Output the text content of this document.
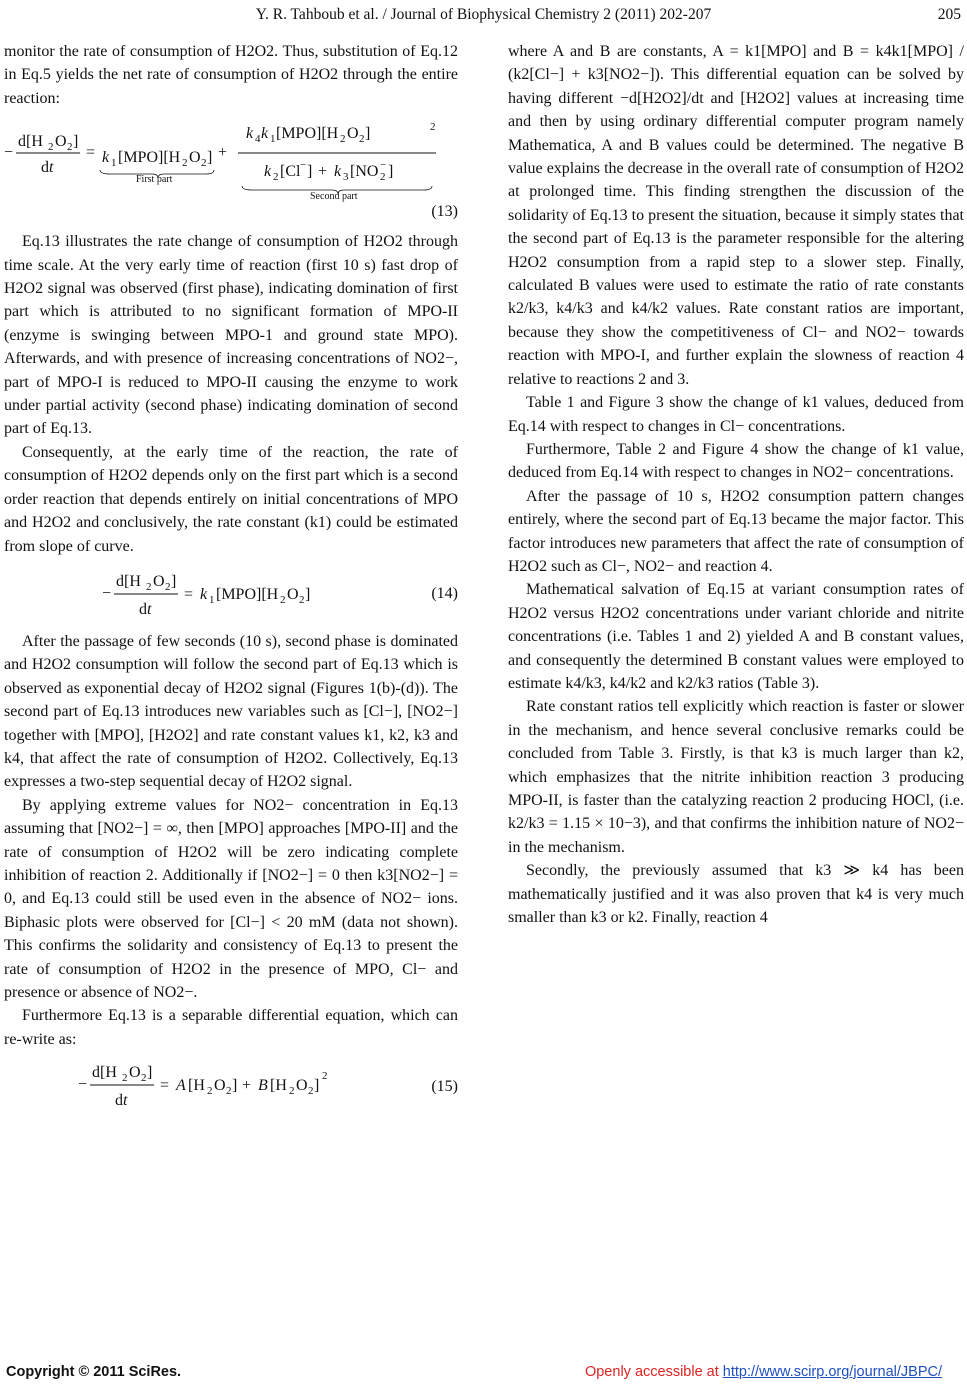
Y. R. Tahboub et al. / Journal of Biophysical Chemistry 2 (2011) 202-207	205

monitor the rate of consumption of H2O2. Thus, substitution of Eq.12 in Eq.5 yields the net rate of consumption of H2O2 through the entire reaction:

−
d[H 2 O 2 ]
dt
= k 1 [MPO][H 2 O 2 ] +
k 4 k 1 [MPO][H 2 O 2 ]	2
k 2 [Cl − ] + k 3 [NO 2
− ]
First part
Second part
(13)

Eq.13 illustrates the rate change of consumption of H2O2 through time scale. At the very early time of reaction (first 10 s) fast drop of H2O2 signal was observed (first phase), indicating domination of first part which is attributed to no significant formation of MPO-II (enzyme is swinging between MPO-1 and ground state MPO). Afterwards, and with presence of increasing concentrations of NO2−, part of MPO-I is reduced to MPO-II causing the enzyme to work under partial activity (second phase) indicating domination of second part of Eq.13.

Consequently, at the early time of the reaction, the rate of consumption of H2O2 depends only on the first part which is a second order reaction that depends entirely on initial concentrations of MPO and H2O2 and conclusively, the rate constant (k1) could be estimated from slope of curve.

−
d[H 2 O 2 ]
dt
= k 1 [MPO][H 2 O 2 ]	(14)

After the passage of few seconds (10 s), second phase is dominated and H2O2 consumption will follow the second part of Eq.13 which is observed as exponential decay of H2O2 signal (Figures 1(b)-(d)). The second part of Eq.13 introduces new variables such as [Cl−], [NO2−] together with [MPO], [H2O2] and rate constant values k1, k2, k3 and k4, that affect the rate of consumption of H2O2. Collectively, Eq.13 expresses a two-step sequential decay of H2O2 signal.

By applying extreme values for NO2− concentration in Eq.13 assuming that [NO2−] = ∞, then [MPO] approaches [MPO-II] and the rate of consumption of H2O2 will be zero indicating complete inhibition of reaction 2. Additionally if [NO2−] = 0 then k3[NO2−] = 0, and Eq.13 could still be used even in the absence of NO2− ions. Biphasic plots were observed for [Cl−] < 20 mM (data not shown). This confirms the solidarity and consistency of Eq.13 to present the rate of consumption of H2O2 in the presence of MPO, Cl− and presence or absence of NO2−.

Furthermore Eq.13 is a separable differential equation, which can re-write as:

−
d[H 2 O 2 ]
dt
= A [H 2 O 2 ] + B [H 2 O 2 ]
2
(15)

where A and B are constants, A = k1[MPO] and B = k4k1[MPO] / (k2[Cl−] + k3[NO2−]). This differential equation can be solved by having different −d[H2O2]/dt and [H2O2] values at increasing time and then by using ordinary differential computer program namely Mathematica, A and B values could be determined. The negative B value explains the decrease in the overall rate of consumption of H2O2 at prolonged time. This finding strengthen the discussion of the solidarity of Eq.13 to present the situation, because it simply states that the second part of Eq.13 is the parameter responsible for the altering H2O2 consumption from a rapid step to a slower step. Finally, calculated B values were used to estimate the ratio of rate constants k2/k3, k4/k3 and k4/k2 values. Rate constant ratios are important, because they show the competitiveness of Cl− and NO2− towards reaction with MPO-I, and further explain the slowness of reaction 4 relative to reactions 2 and 3.

Table 1 and Figure 3 show the change of k1 values, deduced from Eq.14 with respect to changes in Cl− concentrations.

Furthermore, Table 2 and Figure 4 show the change of k1 value, deduced from Eq.14 with respect to changes in NO2− concentrations.

After the passage of 10 s, H2O2 consumption pattern changes entirely, where the second part of Eq.13 became the major factor. This factor introduces new parameters that affect the rate of consumption of H2O2 such as Cl−, NO2− and reaction 4.

Mathematical salvation of Eq.15 at variant consumption rates of H2O2 versus H2O2 concentrations under variant chloride and nitrite concentrations (i.e. Tables 1 and 2) yielded A and B constant values, and consequently the determined B constant values were employed to estimate k4/k3, k4/k2 and k2/k3 ratios (Table 3).

Rate constant ratios tell explicitly which reaction is faster or slower in the mechanism, and hence several conclusive remarks could be concluded from Table 3. Firstly, is that k3 is much larger than k2, which emphasizes that the nitrite inhibition reaction 3 producing MPO-II, is faster than the catalyzing reaction 2 producing HOCl, (i.e. k2/k3 = 1.15 × 10−3), and that confirms the inhibition nature of NO2− in the mechanism.

Secondly, the previously assumed that k3 ≫ k4 has been mathematically justified and it was also proven that k4 is very much smaller than k3 or k2. Finally, reaction 4

Copyright © 2011 SciRes.	Openly accessible at http://www.scirp.org/journal/JBPC/
